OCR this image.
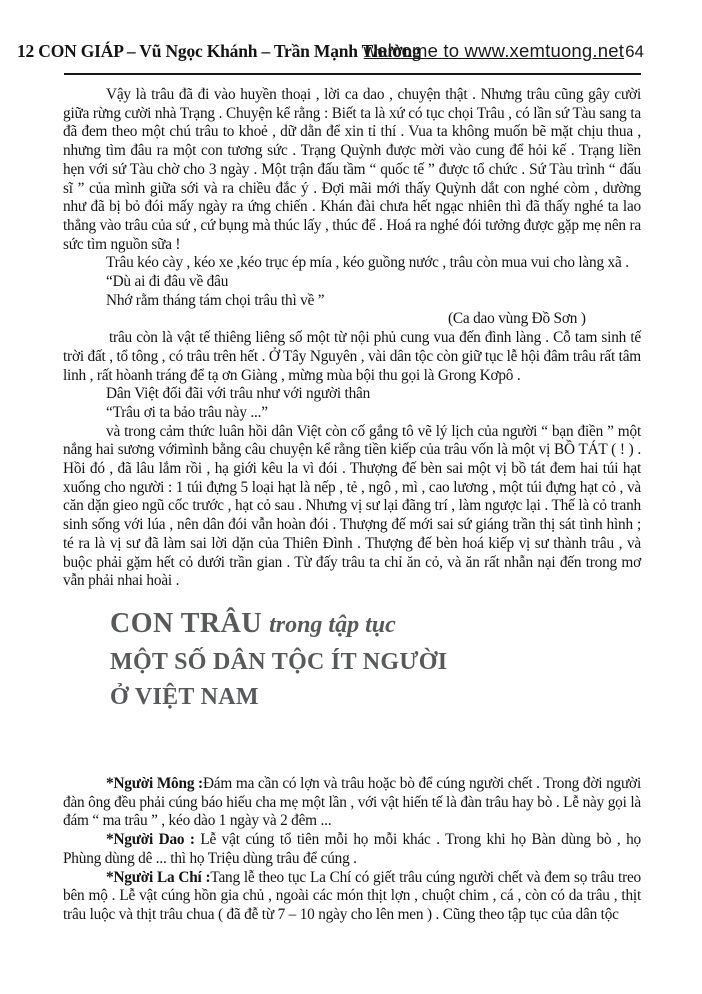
12 CON GIÁP – Vũ Ngọc Khánh – Trần Mạnh Thường
welcome to www.xemtuong.net64

Vậy là trâu đã đi vào huyền thoại , lời ca dao , chuyện thật . Nhưng trâu cũng gây cười giữa rừng cười nhà Trạng . Chuyện kể rằng : Biết ta là xứ có tục chọi Trâu , có lần sứ Tàu sang ta đã đem theo một chú trâu to khoẻ , dữ dằn để xin tỉ thí . Vua ta không muốn bẽ mặt chịu thua , nhưng tìm đâu ra một con tương sức . Trạng Quỳnh được mời vào cung để hỏi kế . Trạng liền hẹn với sứ Tàu chờ cho 3 ngày . Một trận đấu tầm “ quốc tế ” được tổ chức . Sứ Tàu trình “ đấu sĩ ” của mình giữa sới và ra chiều đắc ý . Đợi mãi mới thấy Quỳnh dắt con nghé còm , dường như đã bị bỏ đói mấy ngày ra ứng chiến . Khán đài chưa hết ngạc nhiên thì đã thấy nghé ta lao thẳng vào trâu của sứ , cứ bụng mà thúc lấy , thúc để . Hoá ra nghé đói tưởng được gặp mẹ nên ra sức tìm nguồn sữa !

Trâu kéo cày , kéo xe ,kéo trục ép mía , kéo guồng nước , trâu còn mua vui cho làng xã .

“Dù ai đi đâu về đâu

Nhớ rằm tháng tám chọi trâu thì về ”

(Ca dao vùng Đồ Sơn )

trâu còn là vật tế thiêng liêng số một từ nội phủ cung vua đến đình làng . Cỗ tam sinh tế trời đất , tổ tông , có trâu trên hết . Ở Tây Nguyên , vài dân tộc còn giữ tục lễ hội đâm trâu rất tâm linh , rất hòanh tráng để tạ ơn Giàng , mừng mùa bội thu gọi là Grong Kơpô .

Dân Việt đối đãi với trâu như với người thân

“Trâu ơi ta bảo trâu này ...”

và trong cảm thức luân hồi dân Việt còn cố gắng tô vẽ lý lịch của người “ bạn điền ” một nắng hai sương vớimình bằng câu chuyện kể rằng tiền kiếp của trâu vốn là một vị BỒ TÁT ( ! ) . Hồi đó , đã lâu lắm rồi , hạ giới kêu la vì đói . Thượng đế bèn sai một vị bồ tát đem hai túi hạt xuống cho người : 1 túi đựng 5 loại hạt là nếp , tẻ , ngô , mì , cao lương , một túi đựng hạt cỏ , và căn dặn gieo ngũ cốc trước , hạt cỏ sau . Nhưng vị sư lại đãng trí , làm ngược lại . Thế là cỏ tranh sinh sống với lúa , nên dân đói vẫn hoàn đói . Thượng đế mới sai sứ giáng trần thị sát tình hình ; té ra là vị sư đã làm sai lời dặn của Thiên Đình . Thượng đế bèn hoá kiếp vị sư thành trâu , và buộc phải gặm hết cỏ dưới trần gian . Từ đấy trâu ta chỉ ăn cỏ, và ăn rất nhẫn nại đến trong mơ vẫn phải nhai hoài .

CON TRÂU trong tập tục
MỘT SỐ DÂN TỘC ÍT NGƯỜI
Ở VIỆT NAM

*Người Mông :Đám ma cần có lợn và trâu hoặc bò để cúng người chết . Trong đời người đàn ông đều phải cúng báo hiếu cha mẹ một lần , với vật hiến tế là đàn trâu hay bò . Lễ này gọi là đám “ ma trâu ” , kéo dào 1 ngày và 2 đêm ...

*Người Dao : Lễ vật cúng tổ tiên mỗi họ mỗi khác . Trong khi họ Bàn dùng bò , họ Phùng dùng dê ... thì họ Triệu dùng trâu để cúng .

*Người La Chí :Tang lễ theo tục La Chí có giết trâu cúng người chết và đem sọ trâu treo bên mộ . Lễ vật cúng hồn gia chủ , ngoài các món thịt lợn , chuột chim , cá , còn có da trâu , thịt trâu luộc và thịt trâu chua ( đã đễ từ 7 – 10 ngày cho lên men ) . Cũng theo tập tục của dân tộc
